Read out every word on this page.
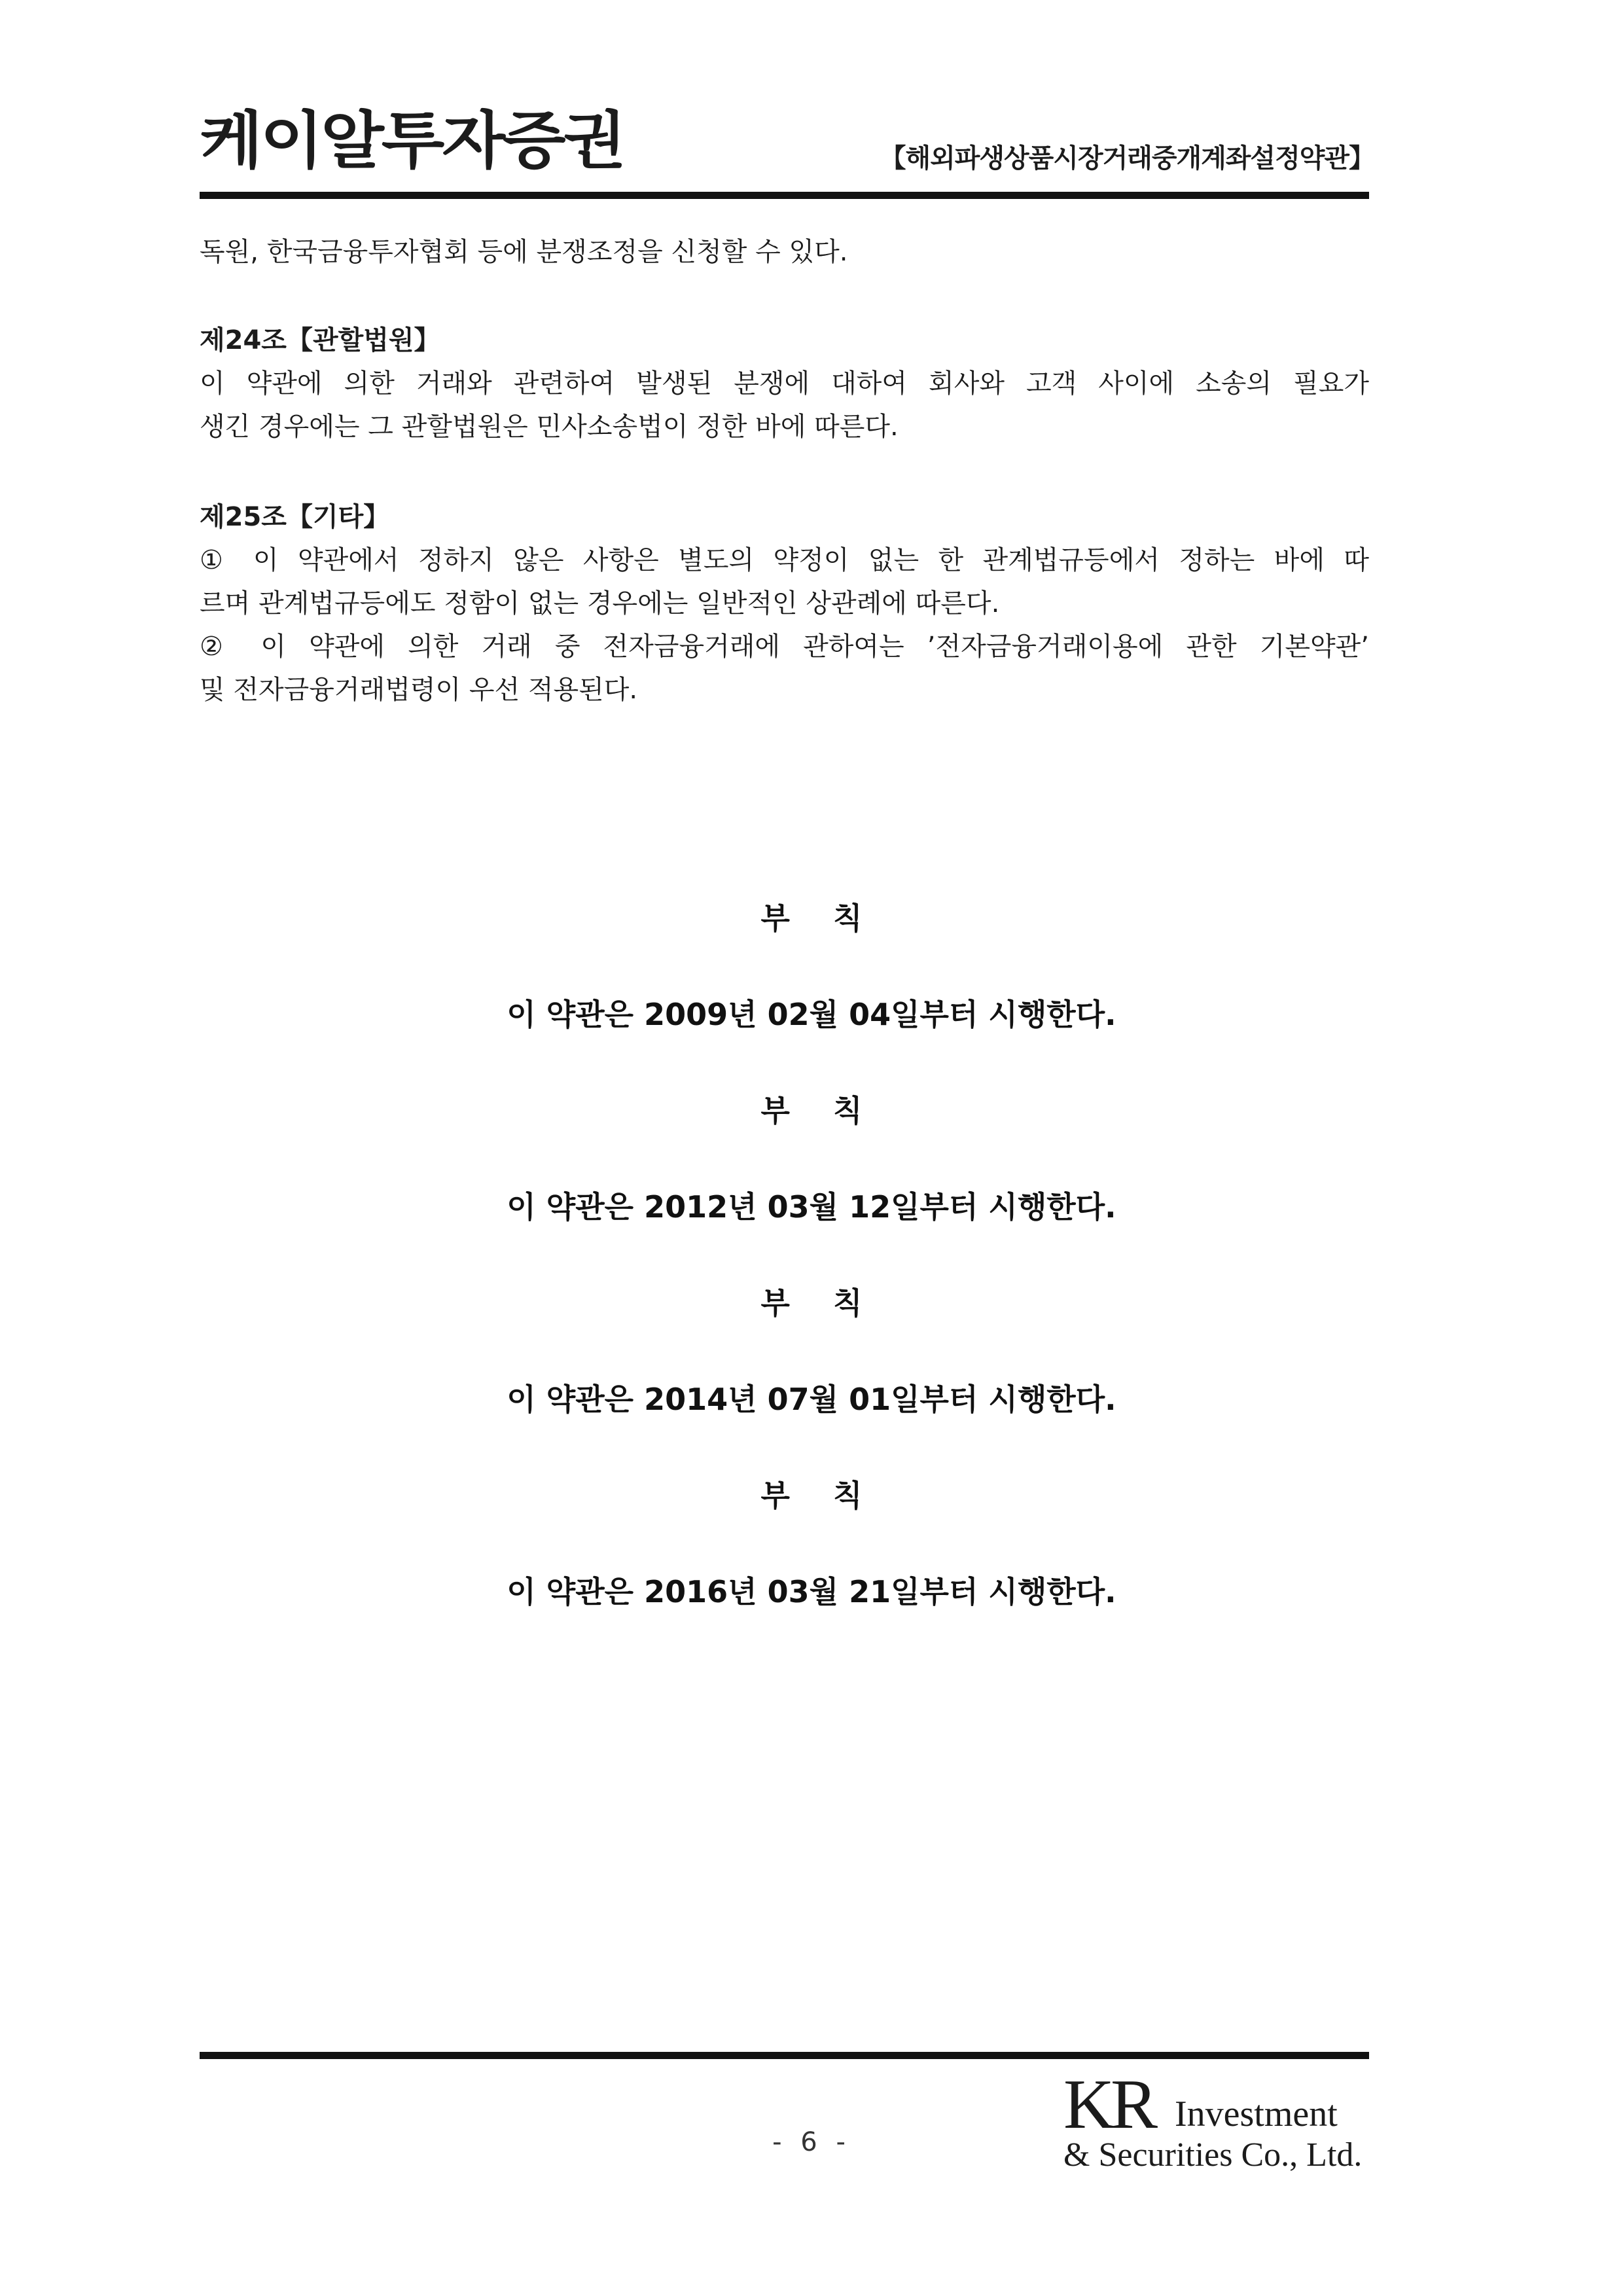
케이알투자증권	【해외파생상품시장거래중개계좌설정약관】

독원, 한국금융투자협회 등에 분쟁조정을 신청할 수 있다.

제24조【관할법원】

이 약관에 의한 거래와 관련하여 발생된 분쟁에 대하여 회사와 고객 사이에 소송의 필요가

생긴 경우에는 그 관할법원은 민사소송법이 정한 바에 따른다.

제25조【기타】

① 이 약관에서 정하지 않은 사항은 별도의 약정이 없는 한 관계법규등에서 정하는 바에 따

르며 관계법규등에도 정함이 없는 경우에는 일반적인 상관례에 따른다.

② 이 약관에 의한 거래 중 전자금융거래에 관하여는 ’전자금융거래이용에 관한 기본약관’

및 전자금융거래법령이 우선 적용된다.

부 칙
이 약관은 2009년 02월 04일부터 시행한다.
부 칙
이 약관은 2012년 03월 12일부터 시행한다.
부 칙
이 약관은 2014년 07월 01일부터 시행한다.
부 칙
이 약관은 2016년 03월 21일부터 시행한다.
- 6 -	KR Investment
& Securities Co., Ltd.
